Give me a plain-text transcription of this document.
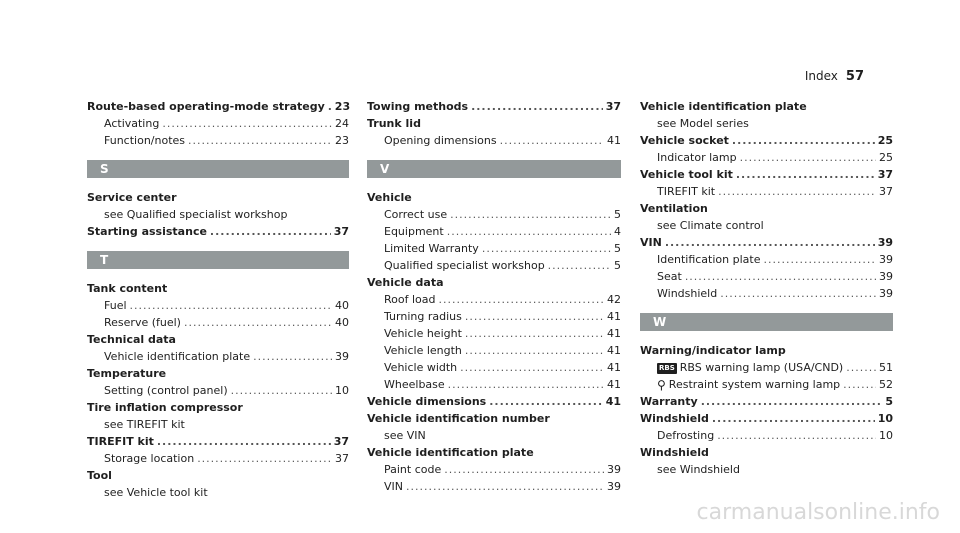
Index 57
Route-based operating-mode strategy ..... 23
Activating .....	24
Function/notes .....	23
S
Service center
see Qualified specialist workshop
Starting assistance .....	37
T
Tank content
Fuel .....	40
Reserve (fuel) .....	40
Technical data
Vehicle identification plate .....	39
Temperature
Setting (control panel) .....	10
Tire inflation compressor
see TIREFIT kit
TIREFIT kit .....	37
Storage location .....	37
Tool
see Vehicle tool kit
Towing methods .....	37
Trunk lid
Opening dimensions .....	41
V
Vehicle
Correct use .....	5
Equipment .....	4
Limited Warranty .....	5
Qualified specialist workshop .....	5
Vehicle data
Roof load .....	42
Turning radius .....	41
Vehicle height .....	41
Vehicle length .....	41
Vehicle width .....	41
Wheelbase .....	41
Vehicle dimensions .....	41
Vehicle identification number
see VIN
Vehicle identification plate
Paint code .....	39
VIN .....	39
Vehicle identification plate
see Model series
Vehicle socket .....	25
Indicator lamp .....	25
Vehicle tool kit .....	37
TIREFIT kit .....	37
Ventilation
see Climate control
VIN .....	39
Identification plate .....	39
Seat .....	39
Windshield .....	39
W
Warning/indicator lamp
RBS RBS warning lamp (USA/CND) .....	51
⚲ Restraint system warning lamp .....	52
Warranty .....	5
Windshield .....	10
Defrosting .....	10
Windshield
see Windshield
carmanualsonline.info
